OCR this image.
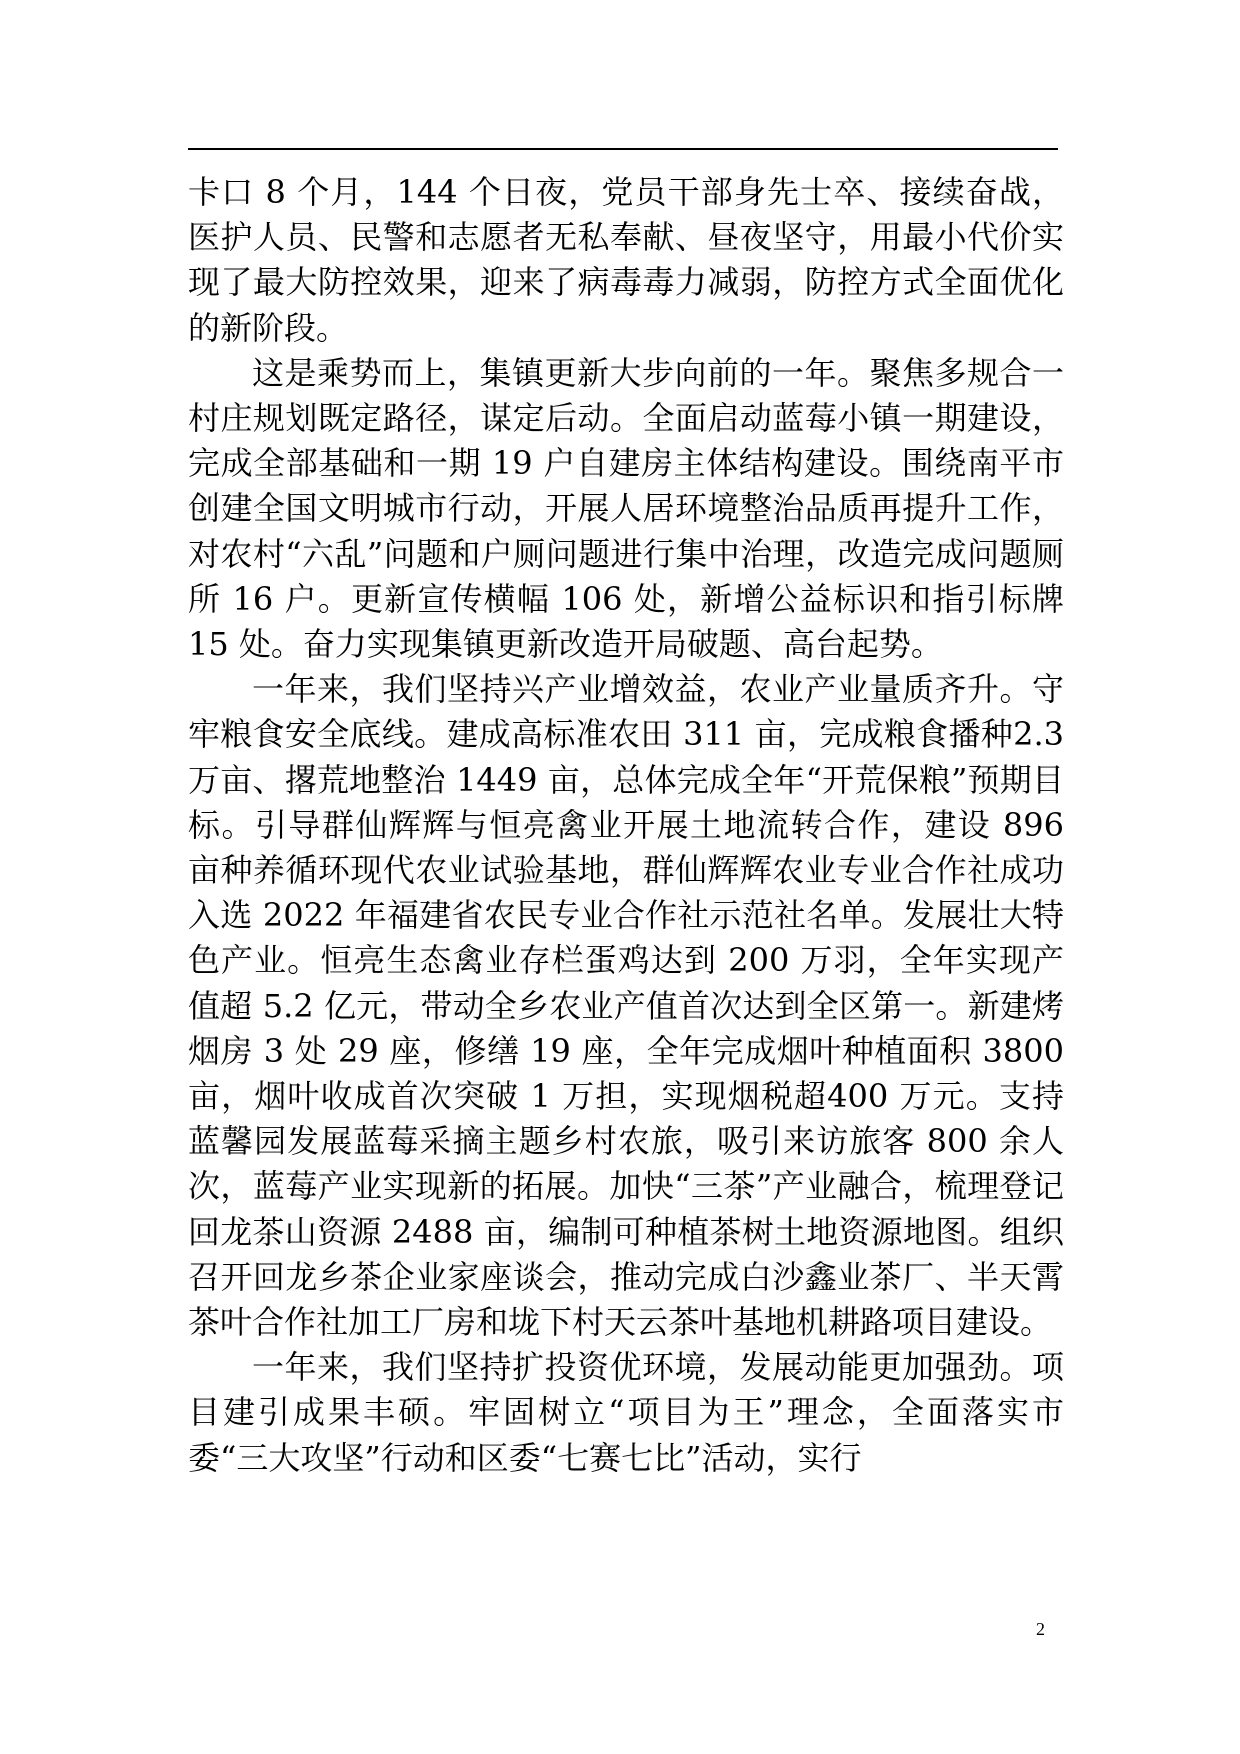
卡口 8 个月，144 个日夜，党员干部身先士卒、接续奋战，医护人员、民警和志愿者无私奉献、昼夜坚守，用最小代价实现了最大防控效果，迎来了病毒毒力减弱，防控方式全面优化的新阶段。

这是乘势而上，集镇更新大步向前的一年。聚焦多规合一村庄规划既定路径，谋定后动。全面启动蓝莓小镇一期建设，完成全部基础和一期 19 户自建房主体结构建设。围绕南平市创建全国文明城市行动，开展人居环境整治品质再提升工作，对农村“六乱”问题和户厕问题进行集中治理，改造完成问题厕所 16 户。更新宣传横幅 106 处，新增公益标识和指引标牌 15 处。奋力实现集镇更新改造开局破题、高台起势。

一年来，我们坚持兴产业增效益，农业产业量质齐升。守牢粮食安全底线。建成高标准农田 311 亩，完成粮食播种2.3 万亩、撂荒地整治 1449 亩，总体完成全年“开荒保粮”预期目标。引导群仙辉辉与恒亮禽业开展土地流转合作，建设 896 亩种养循环现代农业试验基地，群仙辉辉农业专业合作社成功入选 2022 年福建省农民专业合作社示范社名单。发展壮大特色产业。恒亮生态禽业存栏蛋鸡达到 200 万羽，全年实现产值超 5.2 亿元，带动全乡农业产值首次达到全区第一。新建烤烟房 3 处 29 座，修缮 19 座，全年完成烟叶种植面积 3800 亩，烟叶收成首次突破 1 万担，实现烟税超400 万元。支持蓝馨园发展蓝莓采摘主题乡村农旅，吸引来访旅客 800 余人次，蓝莓产业实现新的拓展。加快“三茶”产业融合，梳理登记回龙茶山资源 2488 亩，编制可种植茶树土地资源地图。组织召开回龙乡茶企业家座谈会，推动完成白沙鑫业茶厂、半天霄茶叶合作社加工厂房和垅下村天云茶叶基地机耕路项目建设。

一年来，我们坚持扩投资优环境，发展动能更加强劲。项目建引成果丰硕。牢固树立“项目为王”理念，全面落实市委“三大攻坚”行动和区委“七赛七比”活动，实行

2
